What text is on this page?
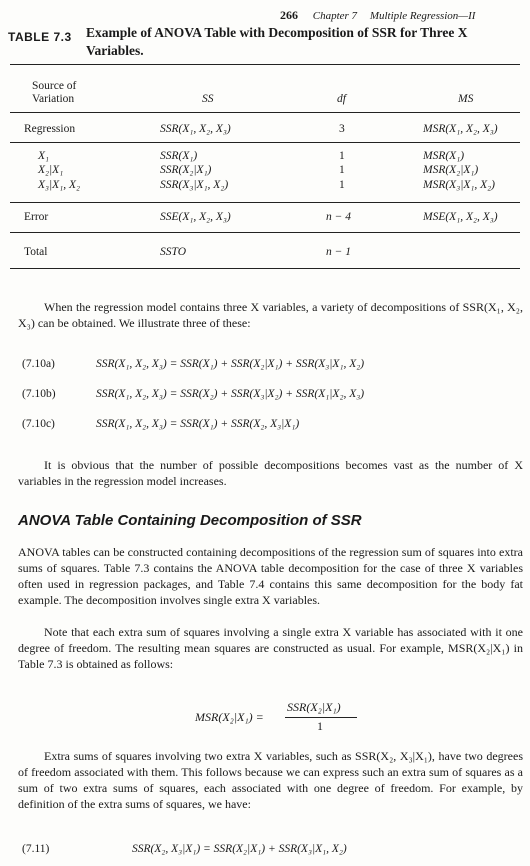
266 Chapter 7 Multiple Regression—II
TABLE 7.3 Example of ANOVA Table with Decomposition of SSR for Three X Variables.
Source of Variation	SS	df	MS
Regression	SSR(X₁, X₂, X₃)	3	MSR(X₁, X₂, X₃)
X₁	SSR(X₁)	1	MSR(X₁)
X₂|X₁	SSR(X₂|X₁)	1	MSR(X₂|X₁)
X₃|X₁, X₂	SSR(X₃|X₁, X₂)	1	MSR(X₃|X₁, X₂)
Error	SSE(X₁, X₂, X₃)	n − 4	MSE(X₁, X₂, X₃)
Total	SSTO	n − 1
When the regression model contains three X variables, a variety of decompositions of SSR(X₁, X₂, X₃) can be obtained. We illustrate three of these:
(7.10a)	SSR(X₁, X₂, X₃) = SSR(X₁) + SSR(X₂|X₁) + SSR(X₃|X₁, X₂)
(7.10b)	SSR(X₁, X₂, X₃) = SSR(X₂) + SSR(X₃|X₂) + SSR(X₁|X₂, X₃)
(7.10c)	SSR(X₁, X₂, X₃) = SSR(X₁) + SSR(X₂, X₃|X₁)
It is obvious that the number of possible decompositions becomes vast as the number of X variables in the regression model increases.
ANOVA Table Containing Decomposition of SSR
ANOVA tables can be constructed containing decompositions of the regression sum of squares into extra sums of squares. Table 7.3 contains the ANOVA table decomposition for the case of three X variables often used in regression packages, and Table 7.4 contains this same decomposition for the body fat example. The decomposition involves single extra X variables.
Note that each extra sum of squares involving a single extra X variable has associated with it one degree of freedom. The resulting mean squares are constructed as usual. For example, MSR(X₂|X₁) in Table 7.3 is obtained as follows:
MSR(X₂|X₁) =
SSR(X₂|X₁)
1
Extra sums of squares involving two extra X variables, such as SSR(X₂, X₃|X₁), have two degrees of freedom associated with them. This follows because we can express such an extra sum of squares as a sum of two extra sums of squares, each associated with one degree of freedom. For example, by definition of the extra sums of squares, we have:
(7.11)	SSR(X₂, X₃|X₁) = SSR(X₂|X₁) + SSR(X₃|X₁, X₂)
